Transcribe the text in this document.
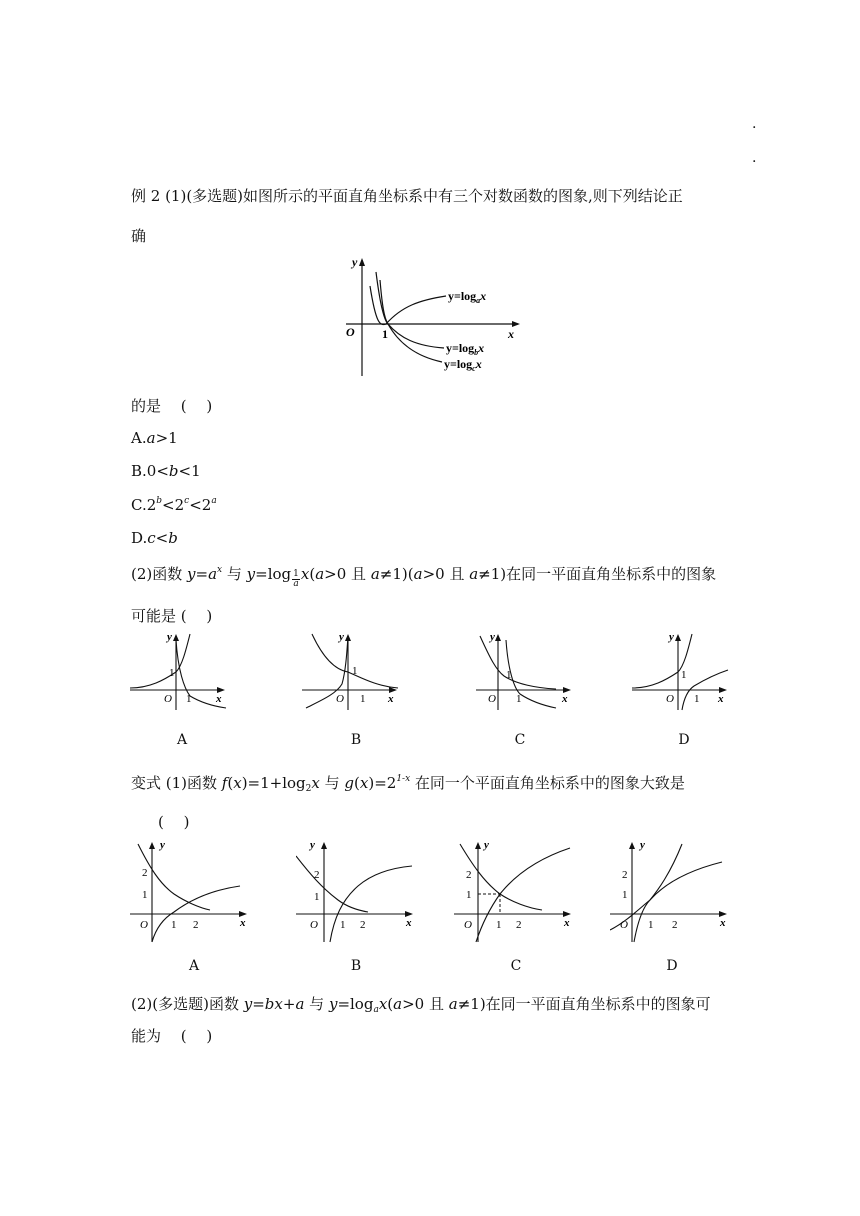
.
.
例 2 (1)(多选题)如图所示的平面直角坐标系中有三个对数函数的图象,则下列结论正
确
y
x
O 1
$y=\log_ax$
$y=\log_bx$
$y=\log_cx$
的是　 (　 )
A.a>1
B.0<b<1
$C.2^b<2^c<2^a$
D.c<b
(2)函数 $y=a^x$ 与 $y=\log \frac{1}{a} x(a>0$ 且 a≠1)(a>0 且 a≠1)在同一平面直角坐标系中的图象
可能是 (　 )
y
x
O
1
1
y
x
O
1
1
y
x
O
1
1
y
x
O
1
1
A	B	C	D
变式 (1)函数 $f(x)=1+\log_2x$ 与 $g(x)=2^{1-x}$ 在同一个平面直角坐标系中的图象大致是
(　 )
y
x
O
2
1
1 2
y
x
O
2
1
1 2
y
x
O
2
1
1 2
y
x
O
2
1
1 2
A	B	C	D
(2)(多选题)函数 y=bx+a 与 $y=\log_ax(a>0$ 且 a≠1)在同一平面直角坐标系中的图象可
能为　 (　 )
